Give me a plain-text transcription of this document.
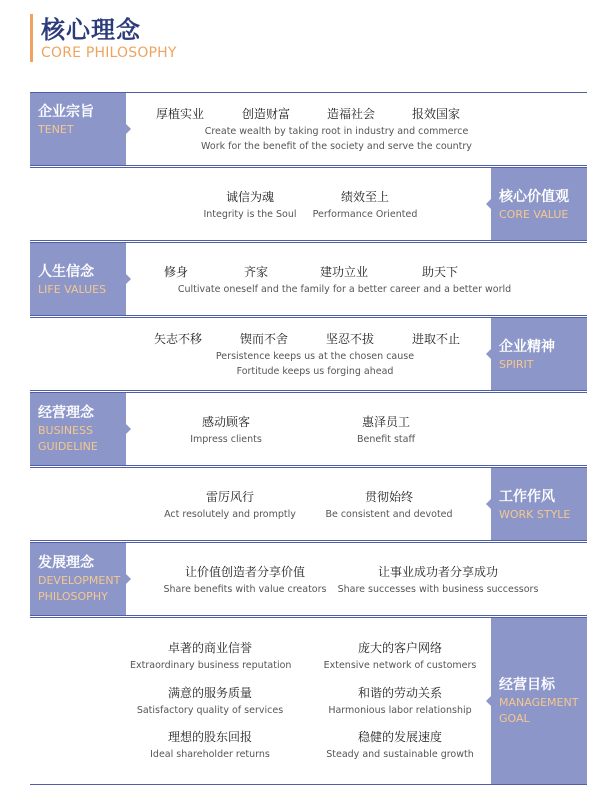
核心理念
CORE PHILOSOPHY
企业宗旨
TENET
厚植实业	创造财富	造福社会	报效国家
Create wealth by taking root in industry and commerce
Work for the benefit of the society and serve the country
核心价值观
CORE VALUE
诚信为魂
Integrity is the Soul
绩效至上
Performance Oriented
人生信念
LIFE VALUES
修身	齐家	建功立业	助天下
Cultivate oneself and the family for a better career and a better world
企业精神
SPIRIT
矢志不移	锲而不舍	坚忍不拔	进取不止
Persistence keeps us at the chosen cause
Fortitude keeps us forging ahead
经营理念
BUSINESS
GUIDELINE
感动顾客
Impress clients
惠泽员工
Benefit staff
工作作风
WORK STYLE
雷厉风行
Act resolutely and promptly
贯彻始终
Be consistent and devoted
发展理念
DEVELOPMENT
PHILOSOPHY
让价值创造者分享价值
Share benefits with value creators
让事业成功者分享成功
Share successes with business successors
经营目标
MANAGEMENT
GOAL
卓著的商业信誉
Extraordinary business reputation
庞大的客户网络
Extensive network of customers
满意的服务质量
Satisfactory quality of services
和谐的劳动关系
Harmonious labor relationship
理想的股东回报
Ideal shareholder returns
稳健的发展速度
Steady and sustainable growth
